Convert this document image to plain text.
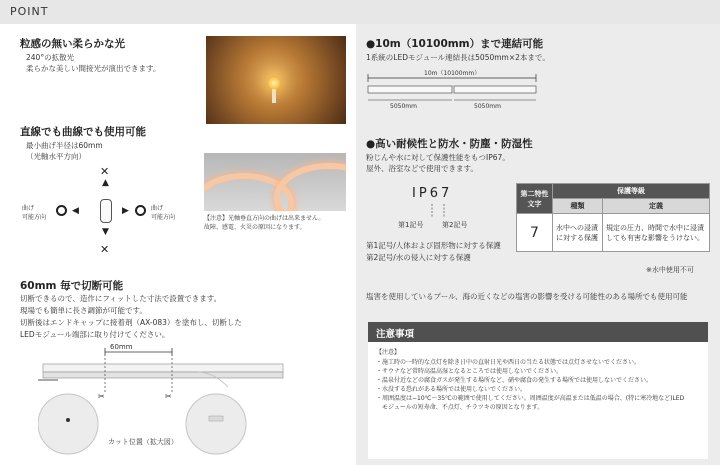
POINT
粒感の無い柔らかな光
240°の拡散光
柔らかな美しい間接光が演出できます。
直線でも曲線でも使用可能
最小曲げ半径は60mm
（光軸水平方向）
✕
▲
▼
✕
曲げ
可能方向
◀	▶	曲げ
可能方向	【注意】光軸垂直方向の曲げは出来ません。
故障、感電、火災の原因になります。
60mm 毎で切断可能
切断できるので、造作にフィットした寸法で設置できます。
現場でも簡単に長さ調節が可能です。
切断後はエンドキャップに接着剤（AX-083）を塗布し、切断した
LEDモジュール端部に取り付けてください。
✂	✂
60mm
カット位置（拡大図）
●10m（10100mm）まで連結可能
1系統のLEDモジュール連結長は5050mm×2本まで。
10m（10100mm）
5050mm	5050mm
●高い耐候性と防水・防塵・防湿性
粉じんや水に対して保護性能をもつIP67。
屋外、浴室などで使用できます。
IP67
第1記号	第2記号
第1記号/人体および固形物に対する保護
第2記号/水の侵入に対する保護
第二特性文字	保護等級	
	種類	定義
7	水中への浸漬に対する保護	規定の圧力、時間で水中に浸漬しても有害な影響をうけない。
※水中使用不可
塩害を使用しているプール、海の近くなどの塩害の影響を受ける可能性のある場所でも使用可能
注意事項
【注意】
・施工時の一時的な点灯を除き日中の直射日光や西日の当たる状態では点灯させないでください。
・サウナなど常時高温高湿となるところでは使用しないでください。
・温泉付近などの腐食ガスが発生する場所など、硝や腐食の発生する場所では使用しないでください。
・水没する恐れがある場所では使用しないでください。
・周囲温度は−10℃〜35℃の範囲で使用してください。周囲温度が高温または低温の場合、(特に寒冷地など)LED
　モジュールの短寿命、不点灯、チラツキの原因となります。
